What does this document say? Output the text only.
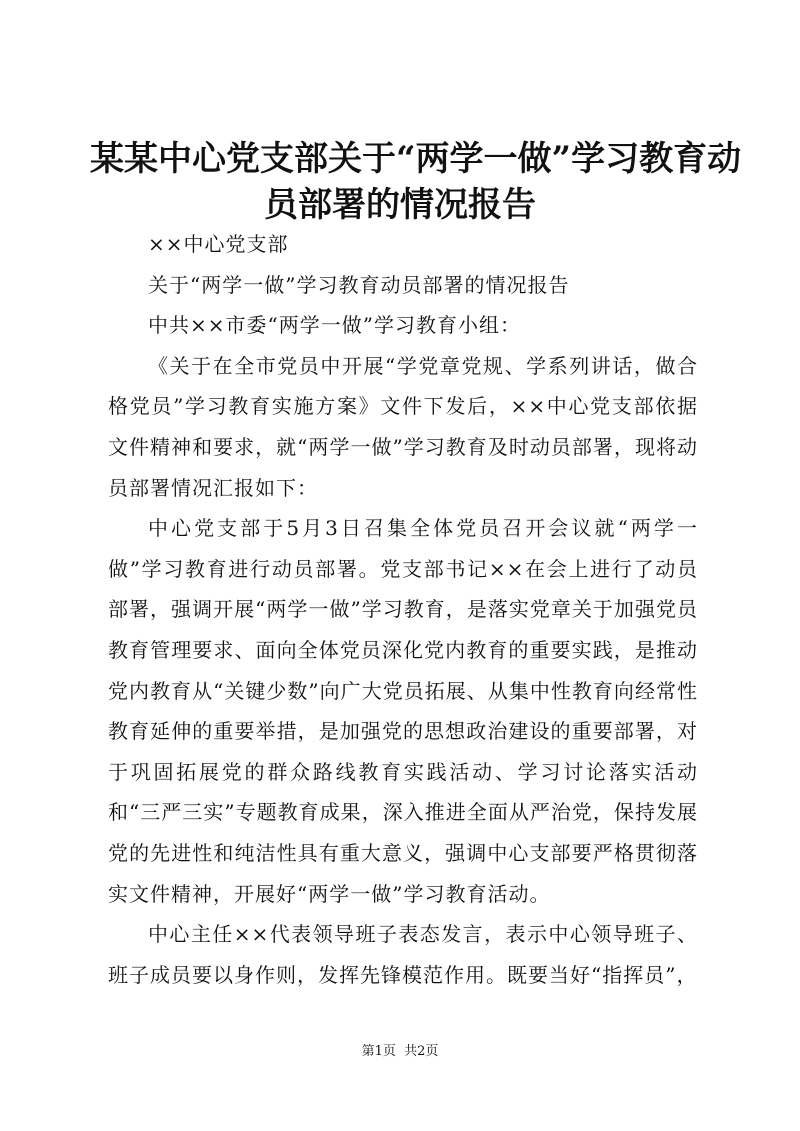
某某中心党支部关于“两学一做”学习教育动
员部署的情况报告

××中心党支部

关于“两学一做”学习教育动员部署的情况报告

中共××市委“两学一做”学习教育小组：

《关于在全市党员中开展“学党章党规、学系列讲话，做合格党员”学习教育实施方案》文件下发后，××中心党支部依据文件精神和要求，就“两学一做”学习教育及时动员部署，现将动员部署情况汇报如下：

中心党支部于5月3日召集全体党员召开会议就“两学一做”学习教育进行动员部署。党支部书记××在会上进行了动员部署，强调开展“两学一做”学习教育，是落实党章关于加强党员教育管理要求、面向全体党员深化党内教育的重要实践，是推动党内教育从“关键少数”向广大党员拓展、从集中性教育向经常性教育延伸的重要举措，是加强党的思想政治建设的重要部署，对于巩固拓展党的群众路线教育实践活动、学习讨论落实活动和“三严三实”专题教育成果，深入推进全面从严治党，保持发展党的先进性和纯洁性具有重大意义，强调中心支部要严格贯彻落实文件精神，开展好“两学一做”学习教育活动。

中心主任××代表领导班子表态发言，表示中心领导班子、班子成员要以身作则，发挥先锋模范作用。既要当好“指挥员”，

第1页  共2页
